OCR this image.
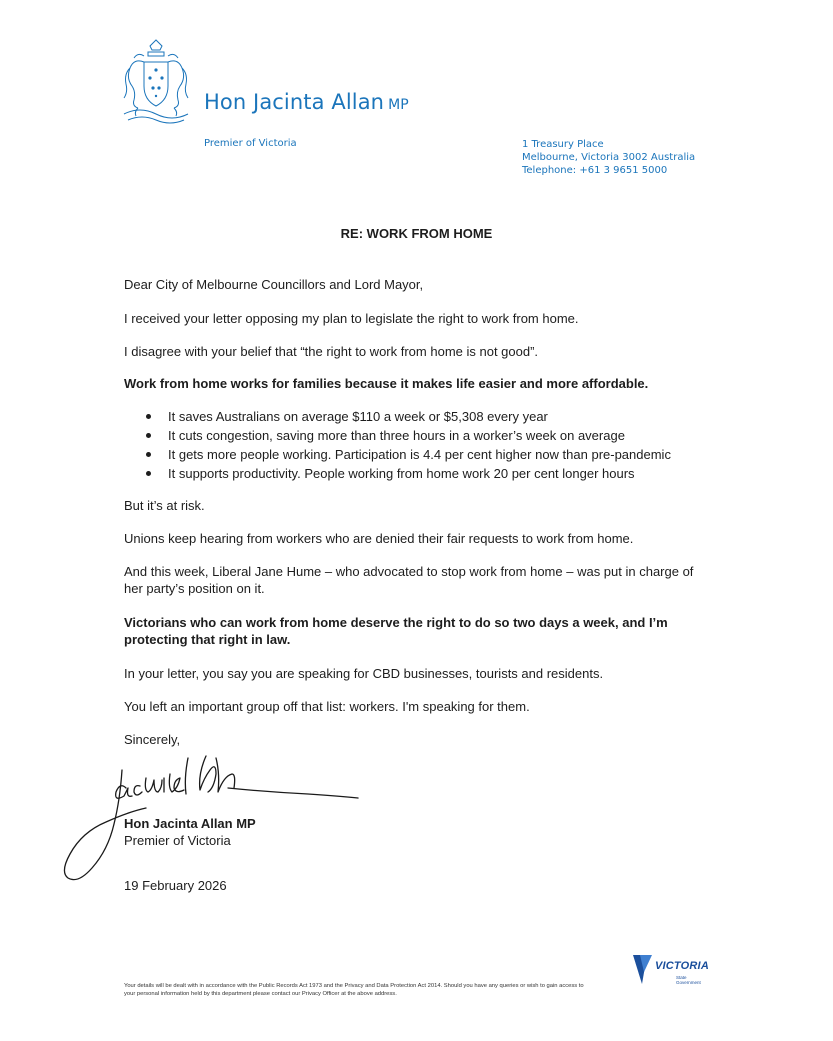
Hon Jacinta Allan MP
Premier of Victoria	1 Treasury Place
Melbourne, Victoria 3002 Australia
Telephone: +61 3 9651 5000
RE: WORK FROM HOME
Dear City of Melbourne Councillors and Lord Mayor,
I received your letter opposing my plan to legislate the right to work from home.
I disagree with your belief that “the right to work from home is not good”.
Work from home works for families because it makes life easier and more affordable.
It saves Australians on average $110 a week or $5,308 every year
It cuts congestion, saving more than three hours in a worker’s week on average
It gets more people working. Participation is 4.4 per cent higher now than pre-pandemic
It supports productivity. People working from home work 20 per cent longer hours
But it’s at risk.
Unions keep hearing from workers who are denied their fair requests to work from home.
And this week, Liberal Jane Hume – who advocated to stop work from home – was put in charge of her party’s position on it.
Victorians who can work from home deserve the right to do so two days a week, and I’m protecting that right in law.
In your letter, you say you are speaking for CBD businesses, tourists and residents.
You left an important group off that list: workers. I'm speaking for them.
Sincerely,
Hon Jacinta Allan MP
Premier of Victoria
19 February 2026
Your details will be dealt with in accordance with the Public Records Act 1973 and the Privacy and Data Protection Act 2014. Should you have any queries or wish to gain access to your personal information held by this department please contact our Privacy Officer at the above address.
VICTORIA
State Government
